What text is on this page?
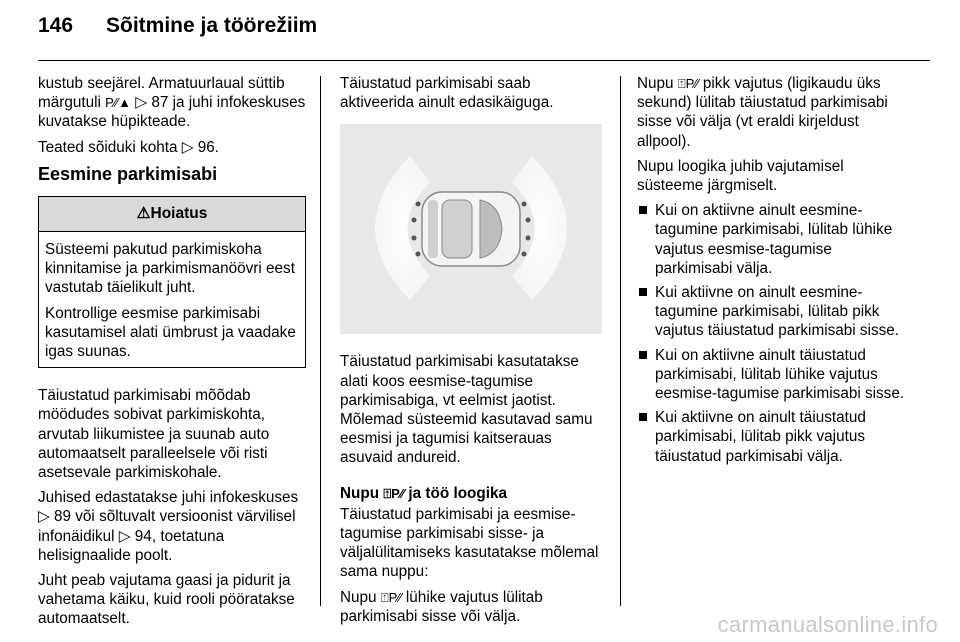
146 Sõitmine ja töörežiim

kustub seejärel. Armatuurlaual süttib märgutuli P⁄⁄▲ ▷ 87 ja juhi infokeskuses kuvatakse hüpikteade.

Teated sõiduki kohta ▷ 96.

Eesmine parkimisabi
⚠Hoiatus

Süsteemi pakutud parkimiskoha kinnitamise ja parkimismanöövri eest vastutab täielikult juht.

Kontrollige eesmise parkimisabi kasutamisel alati ümbrust ja vaadake igas suunas.

Täiustatud parkimisabi mõõdab möödudes sobivat parkimiskohta, arvutab liikumistee ja suunab auto automaatselt paralleelsele või risti asetsevale parkimiskohale.

Juhised edastatakse juhi infokeskuses ▷ 89 või sõltuvalt versioonist värvilisel infonäidikul ▷ 94, toetatuna helisignaalide poolt.

Juht peab vajutama gaasi ja pidurit ja vahetama käiku, kuid rooli pööratakse automaatselt.

Täiustatud parkimisabi saab aktiveerida ainult edasikäiguga.

Täiustatud parkimisabi kasutatakse alati koos eesmise-tagumise parkimisabiga, vt eelmist jaotist. Mõlemad süsteemid kasutavad samu eesmisi ja tagumisi kaitserauas asuvaid andureid.

Nupu ⍐P⁄⁄ ja töö loogika

Täiustatud parkimisabi ja eesmise-tagumise parkimisabi sisse- ja väljalülitamiseks kasutatakse mõlemal sama nuppu:

Nupu ⍐P⁄⁄ lühike vajutus lülitab parkimisabi sisse või välja.

Nupu ⍐P⁄⁄ pikk vajutus (ligikaudu üks sekund) lülitab täiustatud parkimisabi sisse või välja (vt eraldi kirjeldust allpool).

Nupu loogika juhib vajutamisel süsteeme järgmiselt.

Kui on aktiivne ainult eesmine-tagumine parkimisabi, lülitab lühike vajutus eesmise-tagumise parkimisabi välja.
Kui aktiivne on ainult eesmine-tagumine parkimisabi, lülitab pikk vajutus täiustatud parkimisabi sisse.
Kui on aktiivne ainult täiustatud parkimisabi, lülitab lühike vajutus eesmise-tagumise parkimisabi sisse.
Kui aktiivne on ainult täiustatud parkimisabi, lülitab pikk vajutus täiustatud parkimisabi välja.
carmanualsonline.info
